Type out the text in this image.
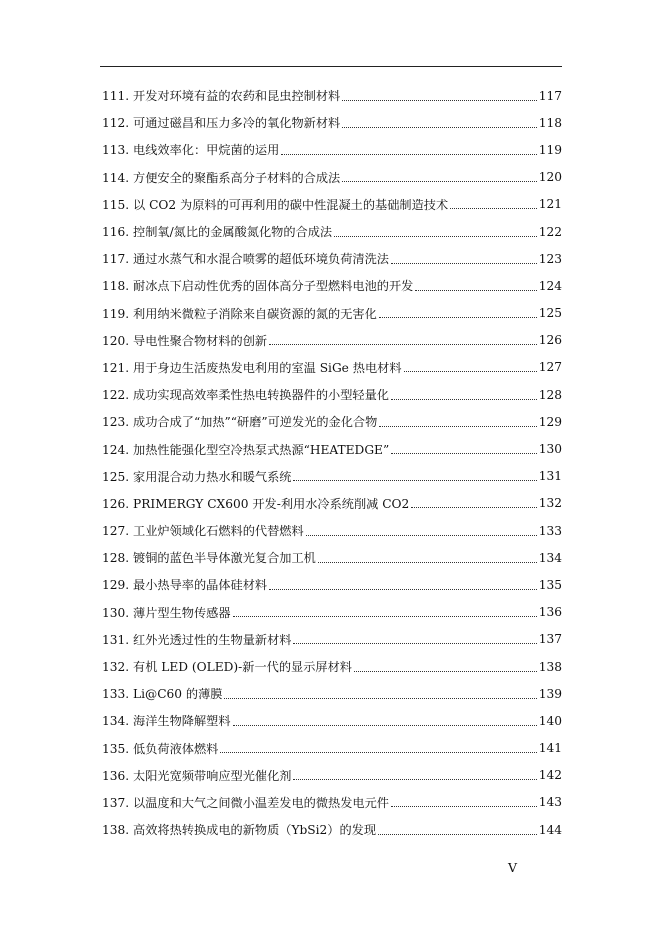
111. 开发对环境有益的农药和昆虫控制材料	117
112. 可通过磁昌和压力多冷的氧化物新材料	118
113. 电线效率化：甲烷菌的运用	119
114. 方便安全的聚酯系高分子材料的合成法	120
115. 以 CO2 为原料的可再利用的碳中性混凝土的基础制造技术	121
116. 控制氧/氮比的金属酸氮化物的合成法	122
117. 通过水蒸气和水混合喷雾的超低环境负荷清洗法	123
118. 耐冰点下启动性优秀的固体高分子型燃料电池的开发	124
119. 利用纳米微粒子消除来自碳资源的氮的无害化	125
120. 导电性聚合物材料的创新	126
121. 用于身边生活废热发电利用的室温 SiGe 热电材料	127
122. 成功实现高效率柔性热电转换器件的小型轻量化	128
123. 成功合成了“加热”“研磨”可逆发光的金化合物	129
124. 加热性能强化型空冷热泵式热源“HEATEDGE”	130
125. 家用混合动力热水和暖气系统	131
126. PRIMERGY CX600 开发-利用水冷系统削减 CO2	132
127. 工业炉领域化石燃料的代替燃料	133
128. 镀铜的蓝色半导体激光复合加工机	134
129. 最小热导率的晶体硅材料	135
130. 薄片型生物传感器	136
131. 红外光透过性的生物量新材料	137
132. 有机 LED (OLED)-新一代的显示屏材料	138
133. Li@C60 的薄膜	139
134. 海洋生物降解塑料	140
135. 低负荷液体燃料	141
136. 太阳光宽频带响应型光催化剂	142
137. 以温度和大气之间微小温差发电的微热发电元件	143
138. 高效将热转换成电的新物质（YbSi2）的发现	144
V
